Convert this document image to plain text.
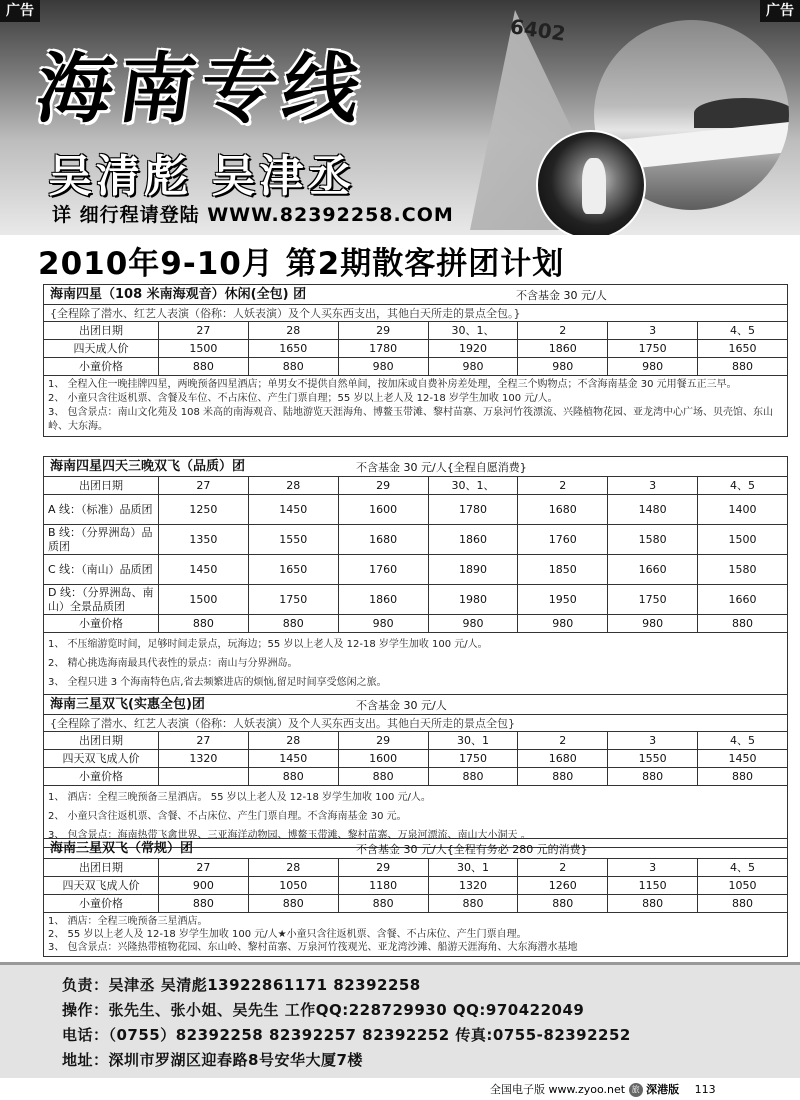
6402
海南专线
吴清彪 吴津丞
详 细行程请登陆 WWW.82392258.COM
广告	广告
2010年9-10月 第2期散客拼团计划
海南四星（108 米南海观音）休闲(全包) 团	不含基金 30 元/人
{全程除了潜水、红艺人表演（俗称：人妖表演）及个人买东西支出，其他白天所走的景点全包。}
出团日期	27	28	29	30、1、	2	3	4、5
四天成人价	1500	1650	1780	1920	1860	1750	1650
小童价格	880	880	980	980	980	980	880
1、 全程入住一晚挂牌四星，两晚预备四星酒店；单男女不提供自然单间，按加床或自费补房差处理，全程三个购物点；不含海南基金 30 元用餐五正三早。
2、 小童只含往返机票、含餐及车位、不占床位、产生门票自理；55 岁以上老人及 12-18 岁学生加收 100 元/人。
3、 包含景点：南山文化苑及 108 米高的南海观音、陆地游览天涯海角、博鳌玉带滩、黎村苗寨、万泉河竹筏漂流、兴隆植物花园、亚龙湾中心广场、贝壳馆、东山岭、大东海。
海南四星四天三晚双飞（品质）团	不含基金 30 元/人{全程自愿消费}
出团日期	27	28	29	30、1、	2	3	4、5
A 线：（标准）品质团	1250	1450	1600	1780	1680	1480	1400
B 线：（分界洲岛）品质团	1350	1550	1680	1860	1760	1580	1500
C 线：（南山）品质团	1450	1650	1760	1890	1850	1660	1580
D 线：（分界洲岛、南山）全景品质团	1500	1750	1860	1980	1950	1750	1660
小童价格	880	880	980	980	980	980	880
1、 不压缩游览时间，足够时间走景点，玩海边；55 岁以上老人及 12-18 岁学生加收 100 元/人。
2、 精心挑选海南最具代表性的景点：南山与分界洲岛。
3、 全程只进 3 个海南特色店,省去频繁进店的烦恼,留足时间享受悠闲之旅。
海南三星双飞(实惠全包)团	不含基金 30 元/人
{全程除了潜水、红艺人表演（俗称：人妖表演）及个人买东西支出。其他白天所走的景点全包}
出团日期	27	28	29	30、1	2	3	4、5
四天双飞成人价	1320	1450	1600	1750	1680	1550	1450
小童价格		880	880	880	880	880	880
1、 酒店：全程三晚预备三星酒店。 55 岁以上老人及 12-18 岁学生加收 100 元/人。
2、 小童只含往返机票、含餐、不占床位、产生门票自理。不含海南基金 30 元。
3、 包含景点：海南热带飞禽世界、三亚海洋动物园、博鳌玉带滩、黎村苗寨、万泉河漂流、南山大小洞天 。
海南三星双飞（常规）团	不含基金 30 元/人{全程有务必 280 元的消费}
出团日期	27	28	29	30、1	2	3	4、5
四天双飞成人价	900	1050	1180	1320	1260	1150	1050
小童价格	880	880	880	880	880	880	880
1、 酒店：全程三晚预备三星酒店。
2、 55 岁以上老人及 12-18 岁学生加收 100 元/人★小童只含往返机票、含餐、不占床位、产生门票自理。
3、 包含景点：兴隆热带植物花园、东山岭、黎村苗寨、万泉河竹筏观光、亚龙湾沙滩、船游天涯海角、大东海潜水基地
负责：吴津丞 吴清彪13922861171 82392258
操作：张先生、张小姐、吴先生 工作QQ:228729930 QQ:970422049
电话：（0755）82392258 82392257 82392252 传真:0755-82392252
地址：深圳市罗湖区迎春路8号安华大厦7楼
全国电子版 www.zyoo.net 旅 深港版 113
